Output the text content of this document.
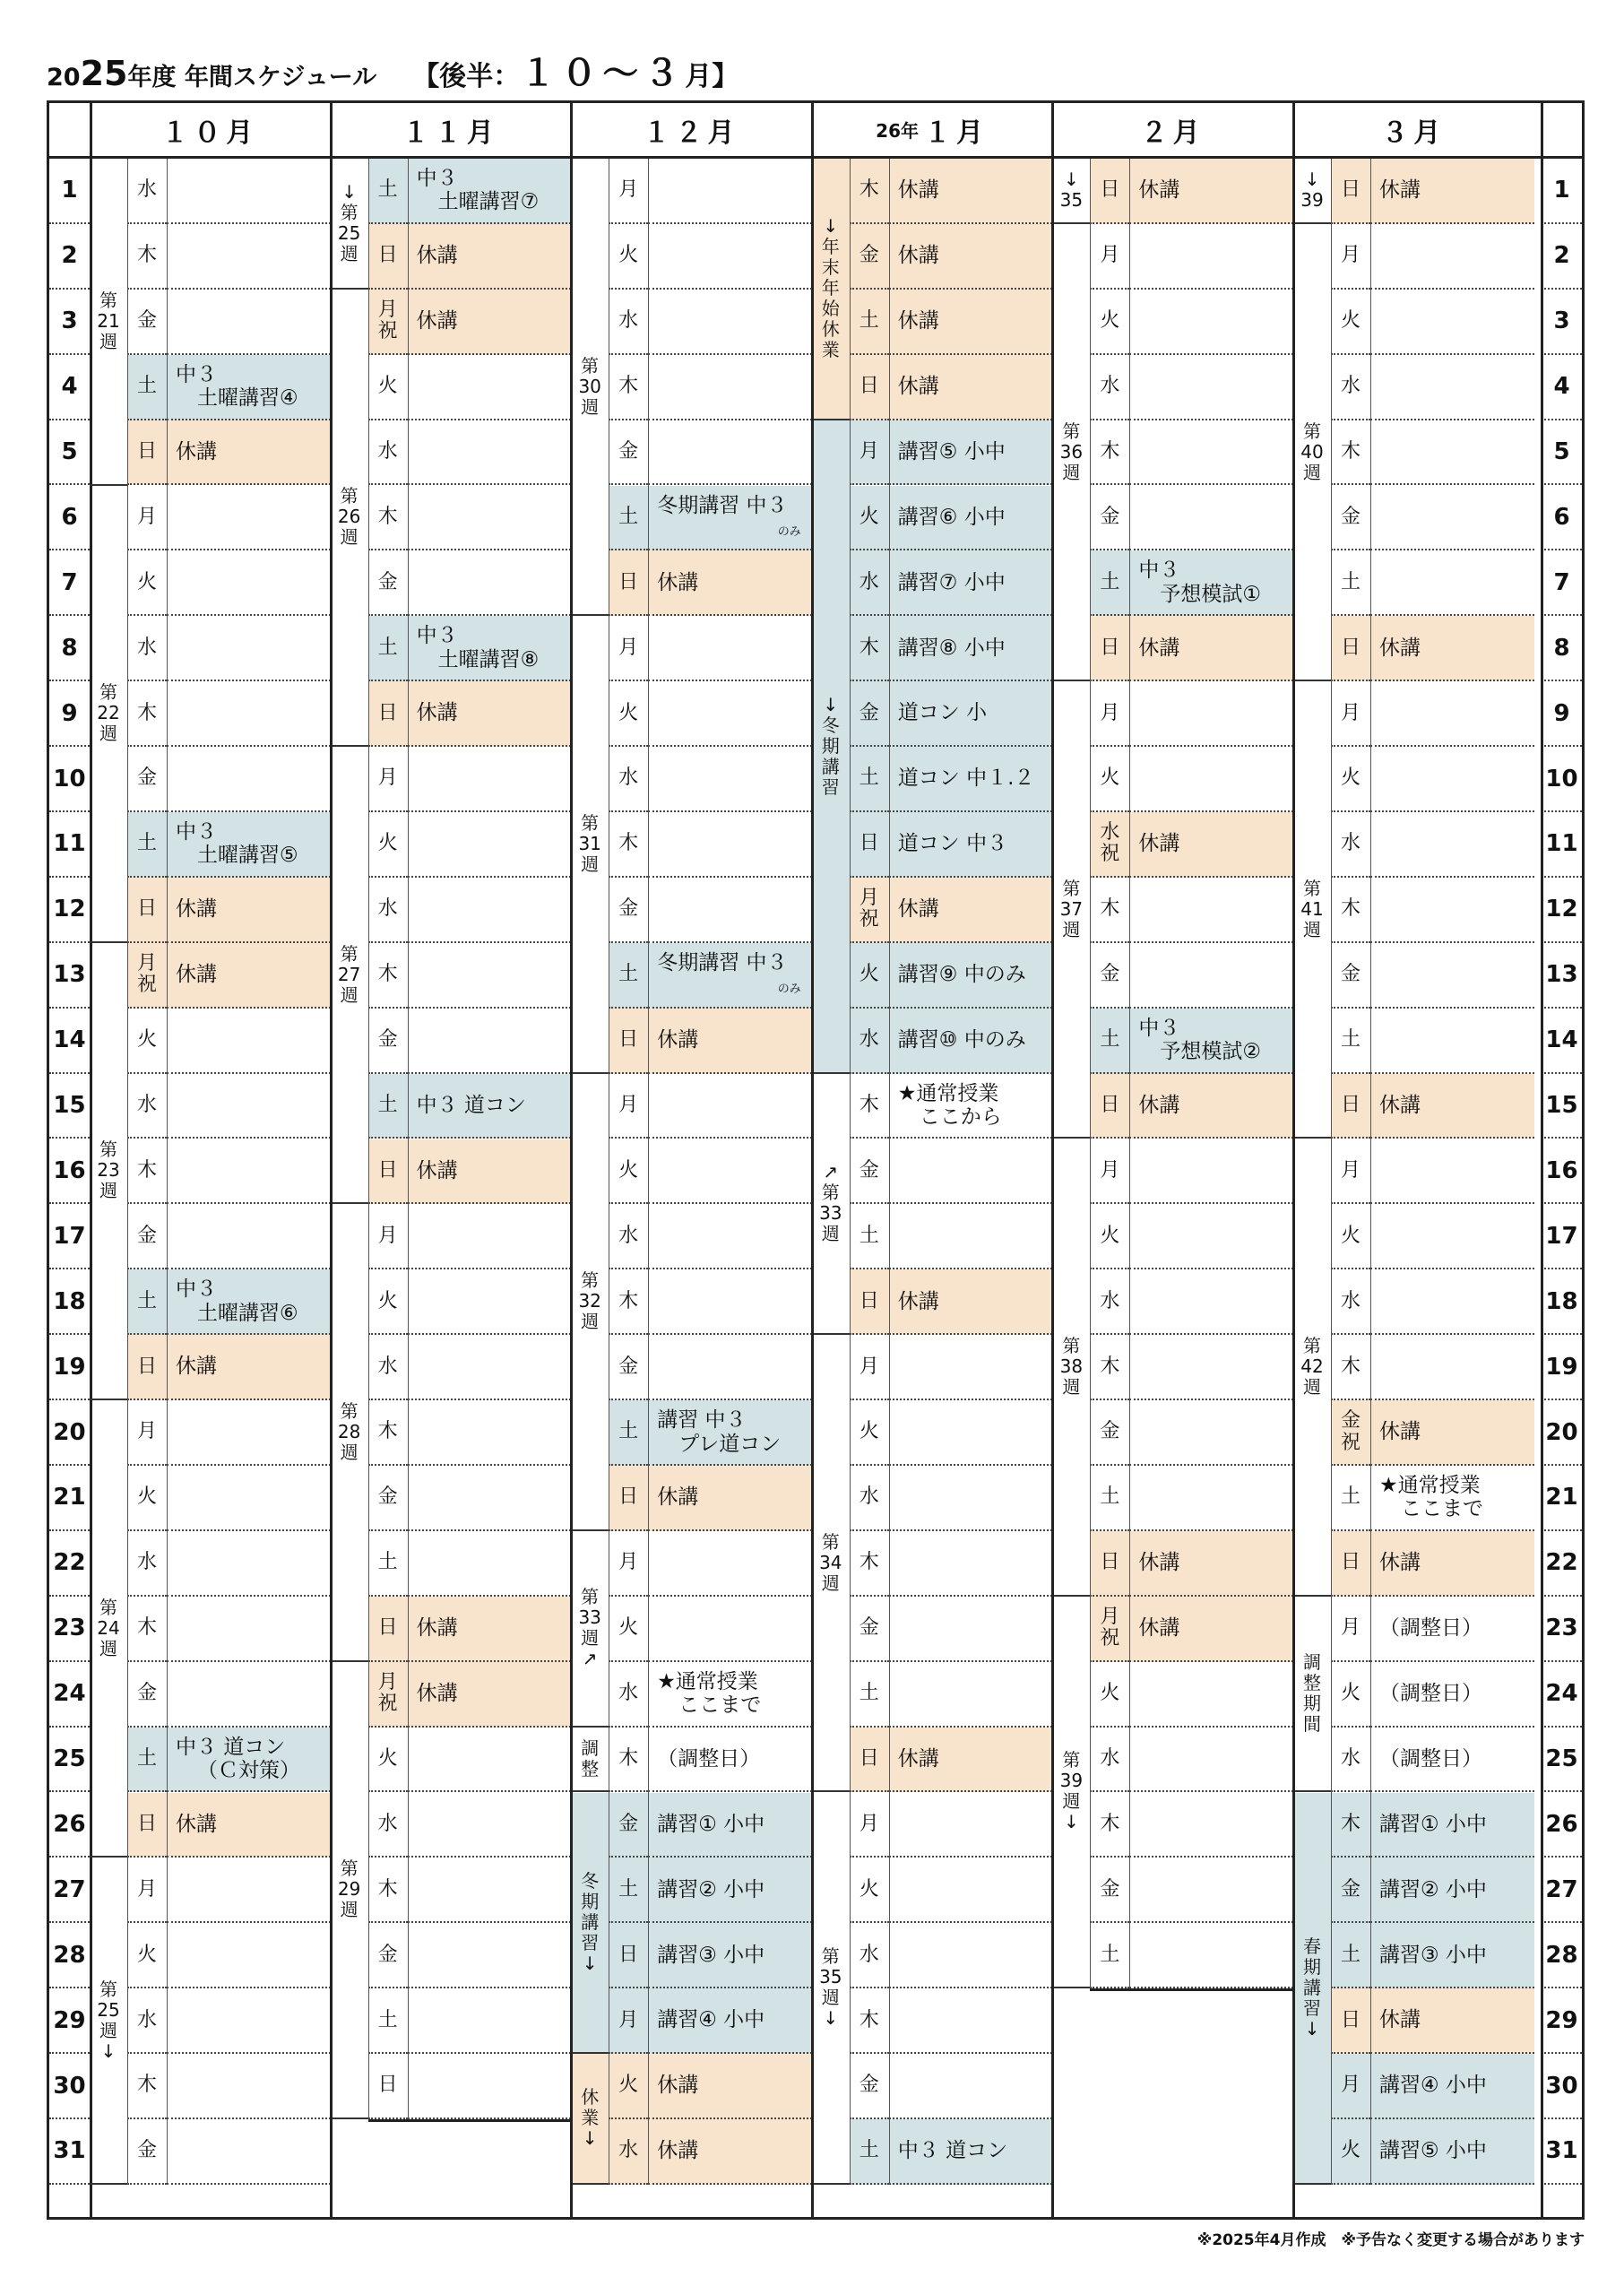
2025年度 年間スケジュール 【後半：１０～３月】
1
2
3
4
5
6
7
8
9
10
11
12
13
14
15
16
17
18
19
20
21
22
23
24
25
26
27
28
29
30
31
1
2
3
4
5
6
7
8
9
10
11
12
13
14
15
16
17
18
19
20
21
22
23
24
25
26
27
28
29
30
31
１０月
第
21
週
第
22
週
第
23
週
第
24
週
第
25
週
↓
水
木
金
土 中３
土曜講習④
日 休講
月
火
水
木
金
土 中３
土曜講習⑤
日 休講
月
祝 休講
火
水
木
金
土 中３
土曜講習⑥
日 休講
月
火
水
木
金
土 中３ 道コン
（Ｃ対策）
日 休講
月
火
水
木
金
１１月
↓
第
25
週
第
26
週
第
27
週
第
28
週
第
29
週
土 中３
土曜講習⑦
日 休講
月
祝 休講
火
水
木
金
土 中３
土曜講習⑧
日 休講
月
火
水
木
金
土 中３ 道コン
日 休講
月
火
水
木
金
土
日 休講
月
祝 休講
火
水
木
金
土
日
１２月
第
30
週
第
31
週
第
32
週
第
33
週
↗
調
整
冬
期
講
習
↓
休
業
↓
月
火
水
木
金
土 冬期講習 中３
のみ
日 休講
月
火
水
木
金
土 冬期講習 中３
のみ
日 休講
月
火
水
木
金
土 講習 中３
プレ道コン
日 休講
月
火
水 ★通常授業
ここまで
木 （調整日）
金 講習① 小中
土 講習② 小中
日 講習③ 小中
月 講習④ 小中
火 休講
水 休講
26年 １月
↓
年
末
年
始
休
業
↓
冬
期
講
習
↗
第
33
週
第
34
週
第
35
週
↓
木 休講
金 休講
土 休講
日 休講
月 講習⑤ 小中
火 講習⑥ 小中
水 講習⑦ 小中
木 講習⑧ 小中
金 道コン 小
土 道コン 中１.２
日 道コン 中３
月
祝 休講
火 講習⑨ 中のみ
水 講習⑩ 中のみ
木 ★通常授業
ここから
金
土
日 休講
月
火
水
木
金
土
日 休講
月
火
水
木
金
土 中３ 道コン
２月
↓
35
第
36
週
第
37
週
第
38
週
第
39
週
↓
日 休講
月
火
水
木
金
土 中３
予想模試①
日 休講
月
火
水
祝 休講
木
金
土 中３
予想模試②
日 休講
月
火
水
木
金
土
日 休講
月
祝 休講
火
水
木
金
土
３月
↓
39
第
40
週
第
41
週
第
42
週
調
整
期
間
春
期
講
習
↓
日 休講
月
火
水
木
金
土
日 休講
月
火
水
木
金
土
日 休講
月
火
水
木
金
祝 休講
土 ★通常授業
ここまで
日 休講
月 （調整日）
火 （調整日）
水 （調整日）
木 講習① 小中
金 講習② 小中
土 講習③ 小中
日 休講
月 講習④ 小中
火 講習⑤ 小中
※2025年4月作成　※予告なく変更する場合があります
